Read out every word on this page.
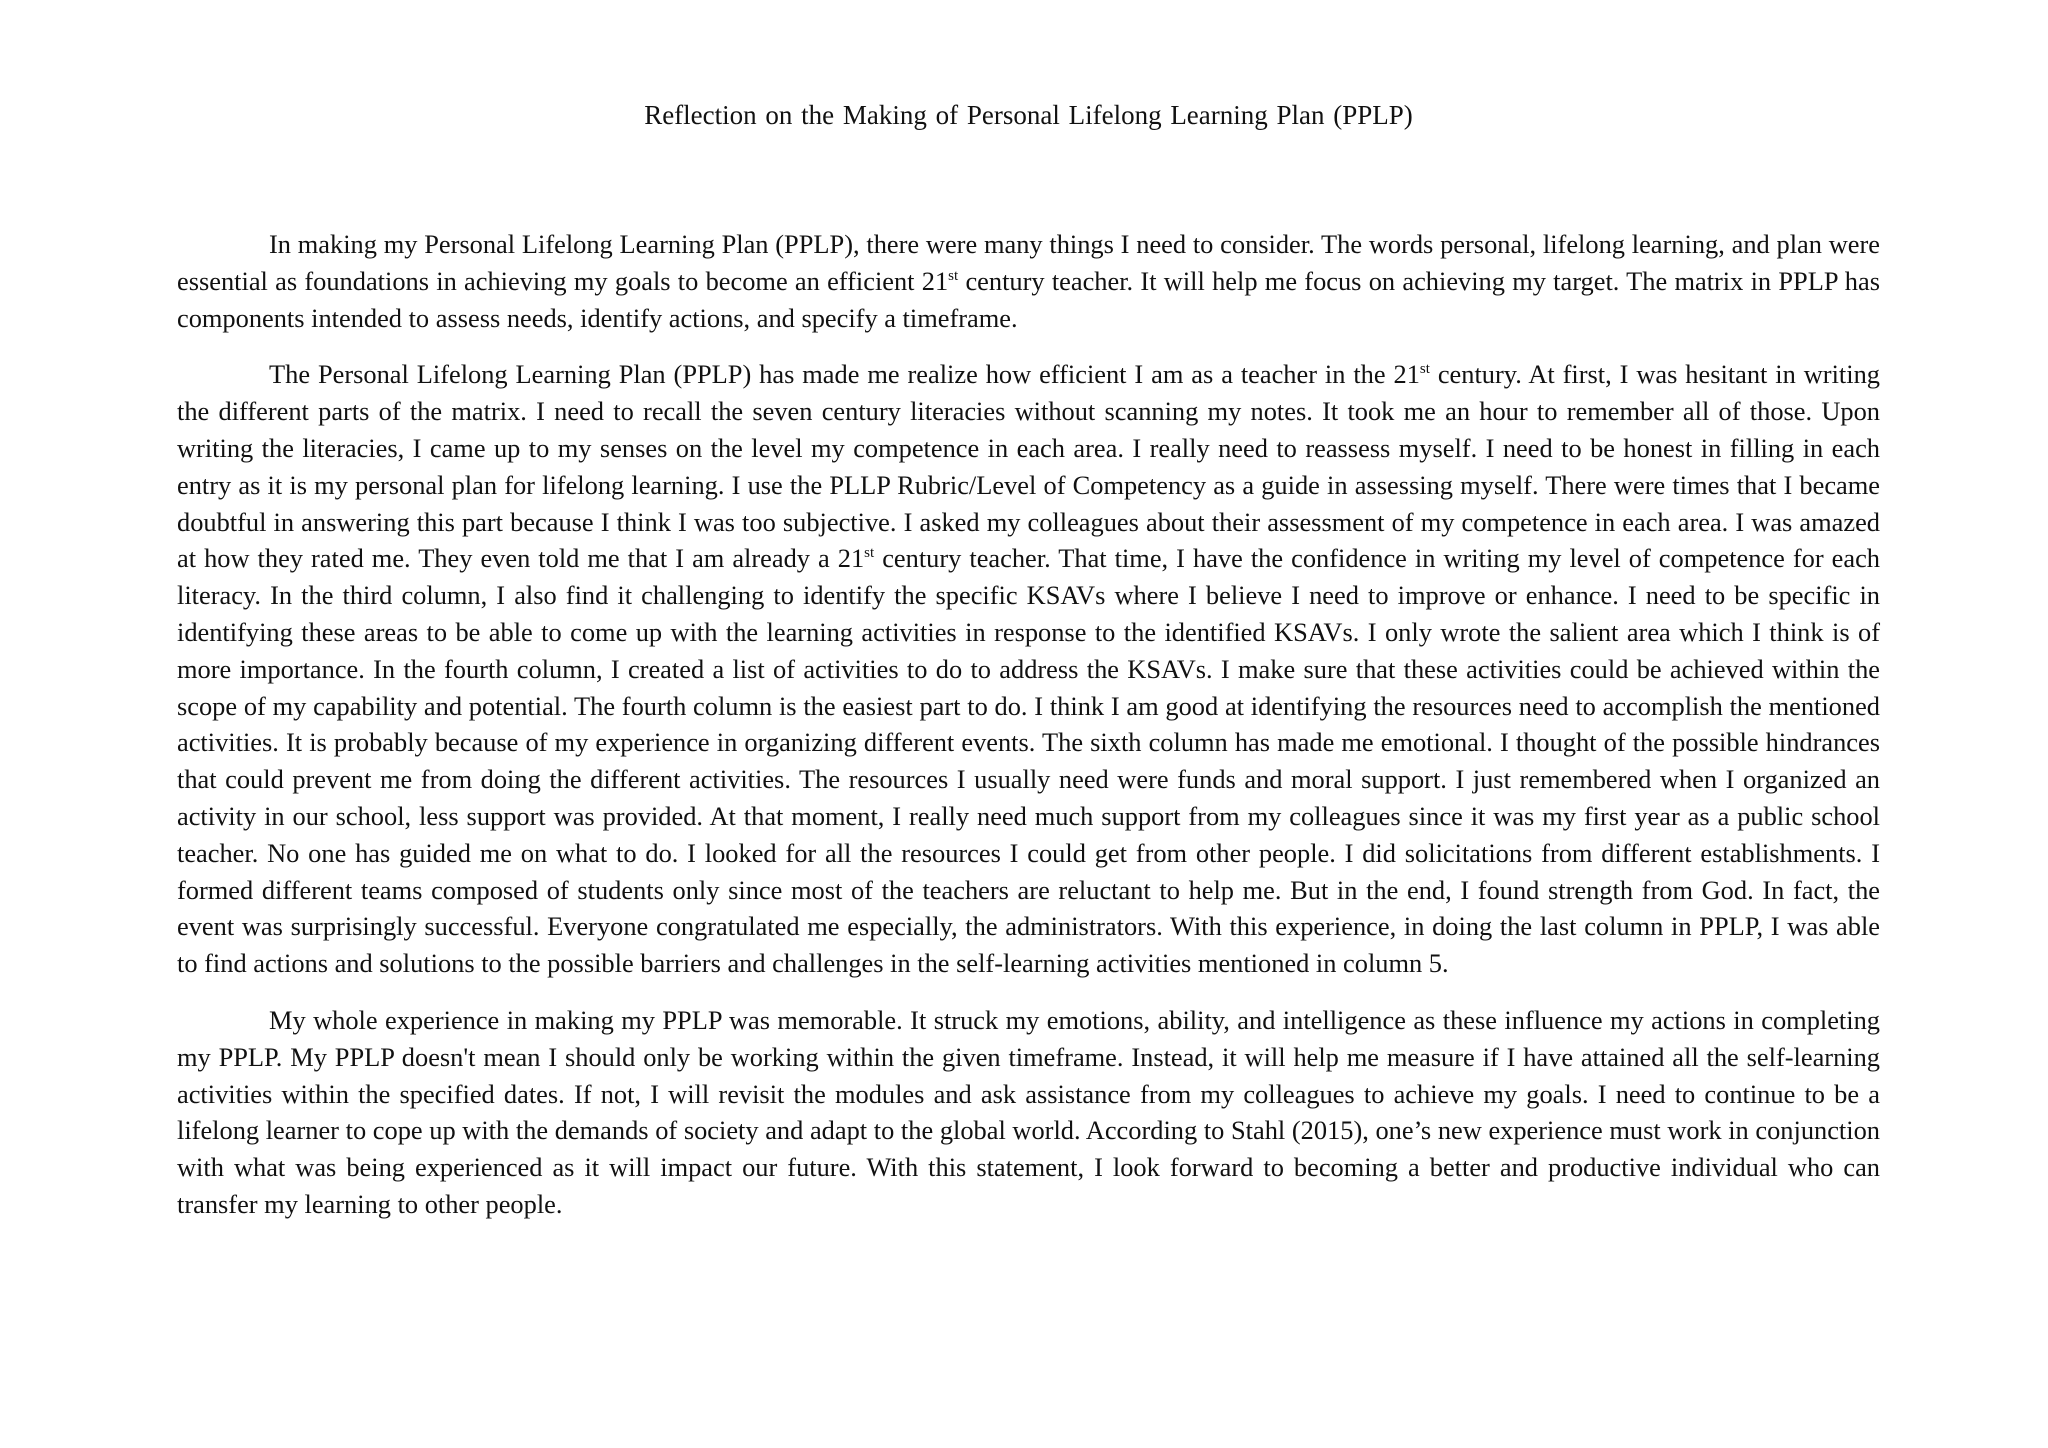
Reflection on the Making of Personal Lifelong Learning Plan (PPLP)

In making my Personal Lifelong Learning Plan (PPLP), there were many things I need to consider. The words personal, lifelong learning, and plan were essential as foundations in achieving my goals to become an efficient 21st century teacher. It will help me focus on achieving my target. The matrix in PPLP has components intended to assess needs, identify actions, and specify a timeframe.

The Personal Lifelong Learning Plan (PPLP) has made me realize how efficient I am as a teacher in the 21st century. At first, I was hesitant in writing the different parts of the matrix. I need to recall the seven century literacies without scanning my notes. It took me an hour to remember all of those. Upon writing the literacies, I came up to my senses on the level my competence in each area. I really need to reassess myself. I need to be honest in filling in each entry as it is my personal plan for lifelong learning. I use the PLLP Rubric/Level of Competency as a guide in assessing myself. There were times that I became doubtful in answering this part because I think I was too subjective. I asked my colleagues about their assessment of my competence in each area. I was amazed at how they rated me. They even told me that I am already a 21st century teacher. That time, I have the confidence in writing my level of competence for each literacy. In the third column, I also find it challenging to identify the specific KSAVs where I believe I need to improve or enhance. I need to be specific in identifying these areas to be able to come up with the learning activities in response to the identified KSAVs. I only wrote the salient area which I think is of more importance. In the fourth column, I created a list of activities to do to address the KSAVs. I make sure that these activities could be achieved within the scope of my capability and potential. The fourth column is the easiest part to do. I think I am good at identifying the resources need to accomplish the mentioned activities. It is probably because of my experience in organizing different events. The sixth column has made me emotional. I thought of the possible hindrances that could prevent me from doing the different activities. The resources I usually need were funds and moral support. I just remembered when I organized an activity in our school, less support was provided. At that moment, I really need much support from my colleagues since it was my first year as a public school teacher. No one has guided me on what to do. I looked for all the resources I could get from other people. I did solicitations from different establishments. I formed different teams composed of students only since most of the teachers are reluctant to help me. But in the end, I found strength from God. In fact, the event was surprisingly successful. Everyone congratulated me especially, the administrators. With this experience, in doing the last column in PPLP, I was able to find actions and solutions to the possible barriers and challenges in the self-learning activities mentioned in column 5.

My whole experience in making my PPLP was memorable. It struck my emotions, ability, and intelligence as these influence my actions in completing my PPLP. My PPLP doesn't mean I should only be working within the given timeframe. Instead, it will help me measure if I have attained all the self-learning activities within the specified dates. If not, I will revisit the modules and ask assistance from my colleagues to achieve my goals. I need to continue to be a lifelong learner to cope up with the demands of society and adapt to the global world. According to Stahl (2015), one’s new experience must work in conjunction with what was being experienced as it will impact our future. With this statement, I look forward to becoming a better and productive individual who can transfer my learning to other people.
